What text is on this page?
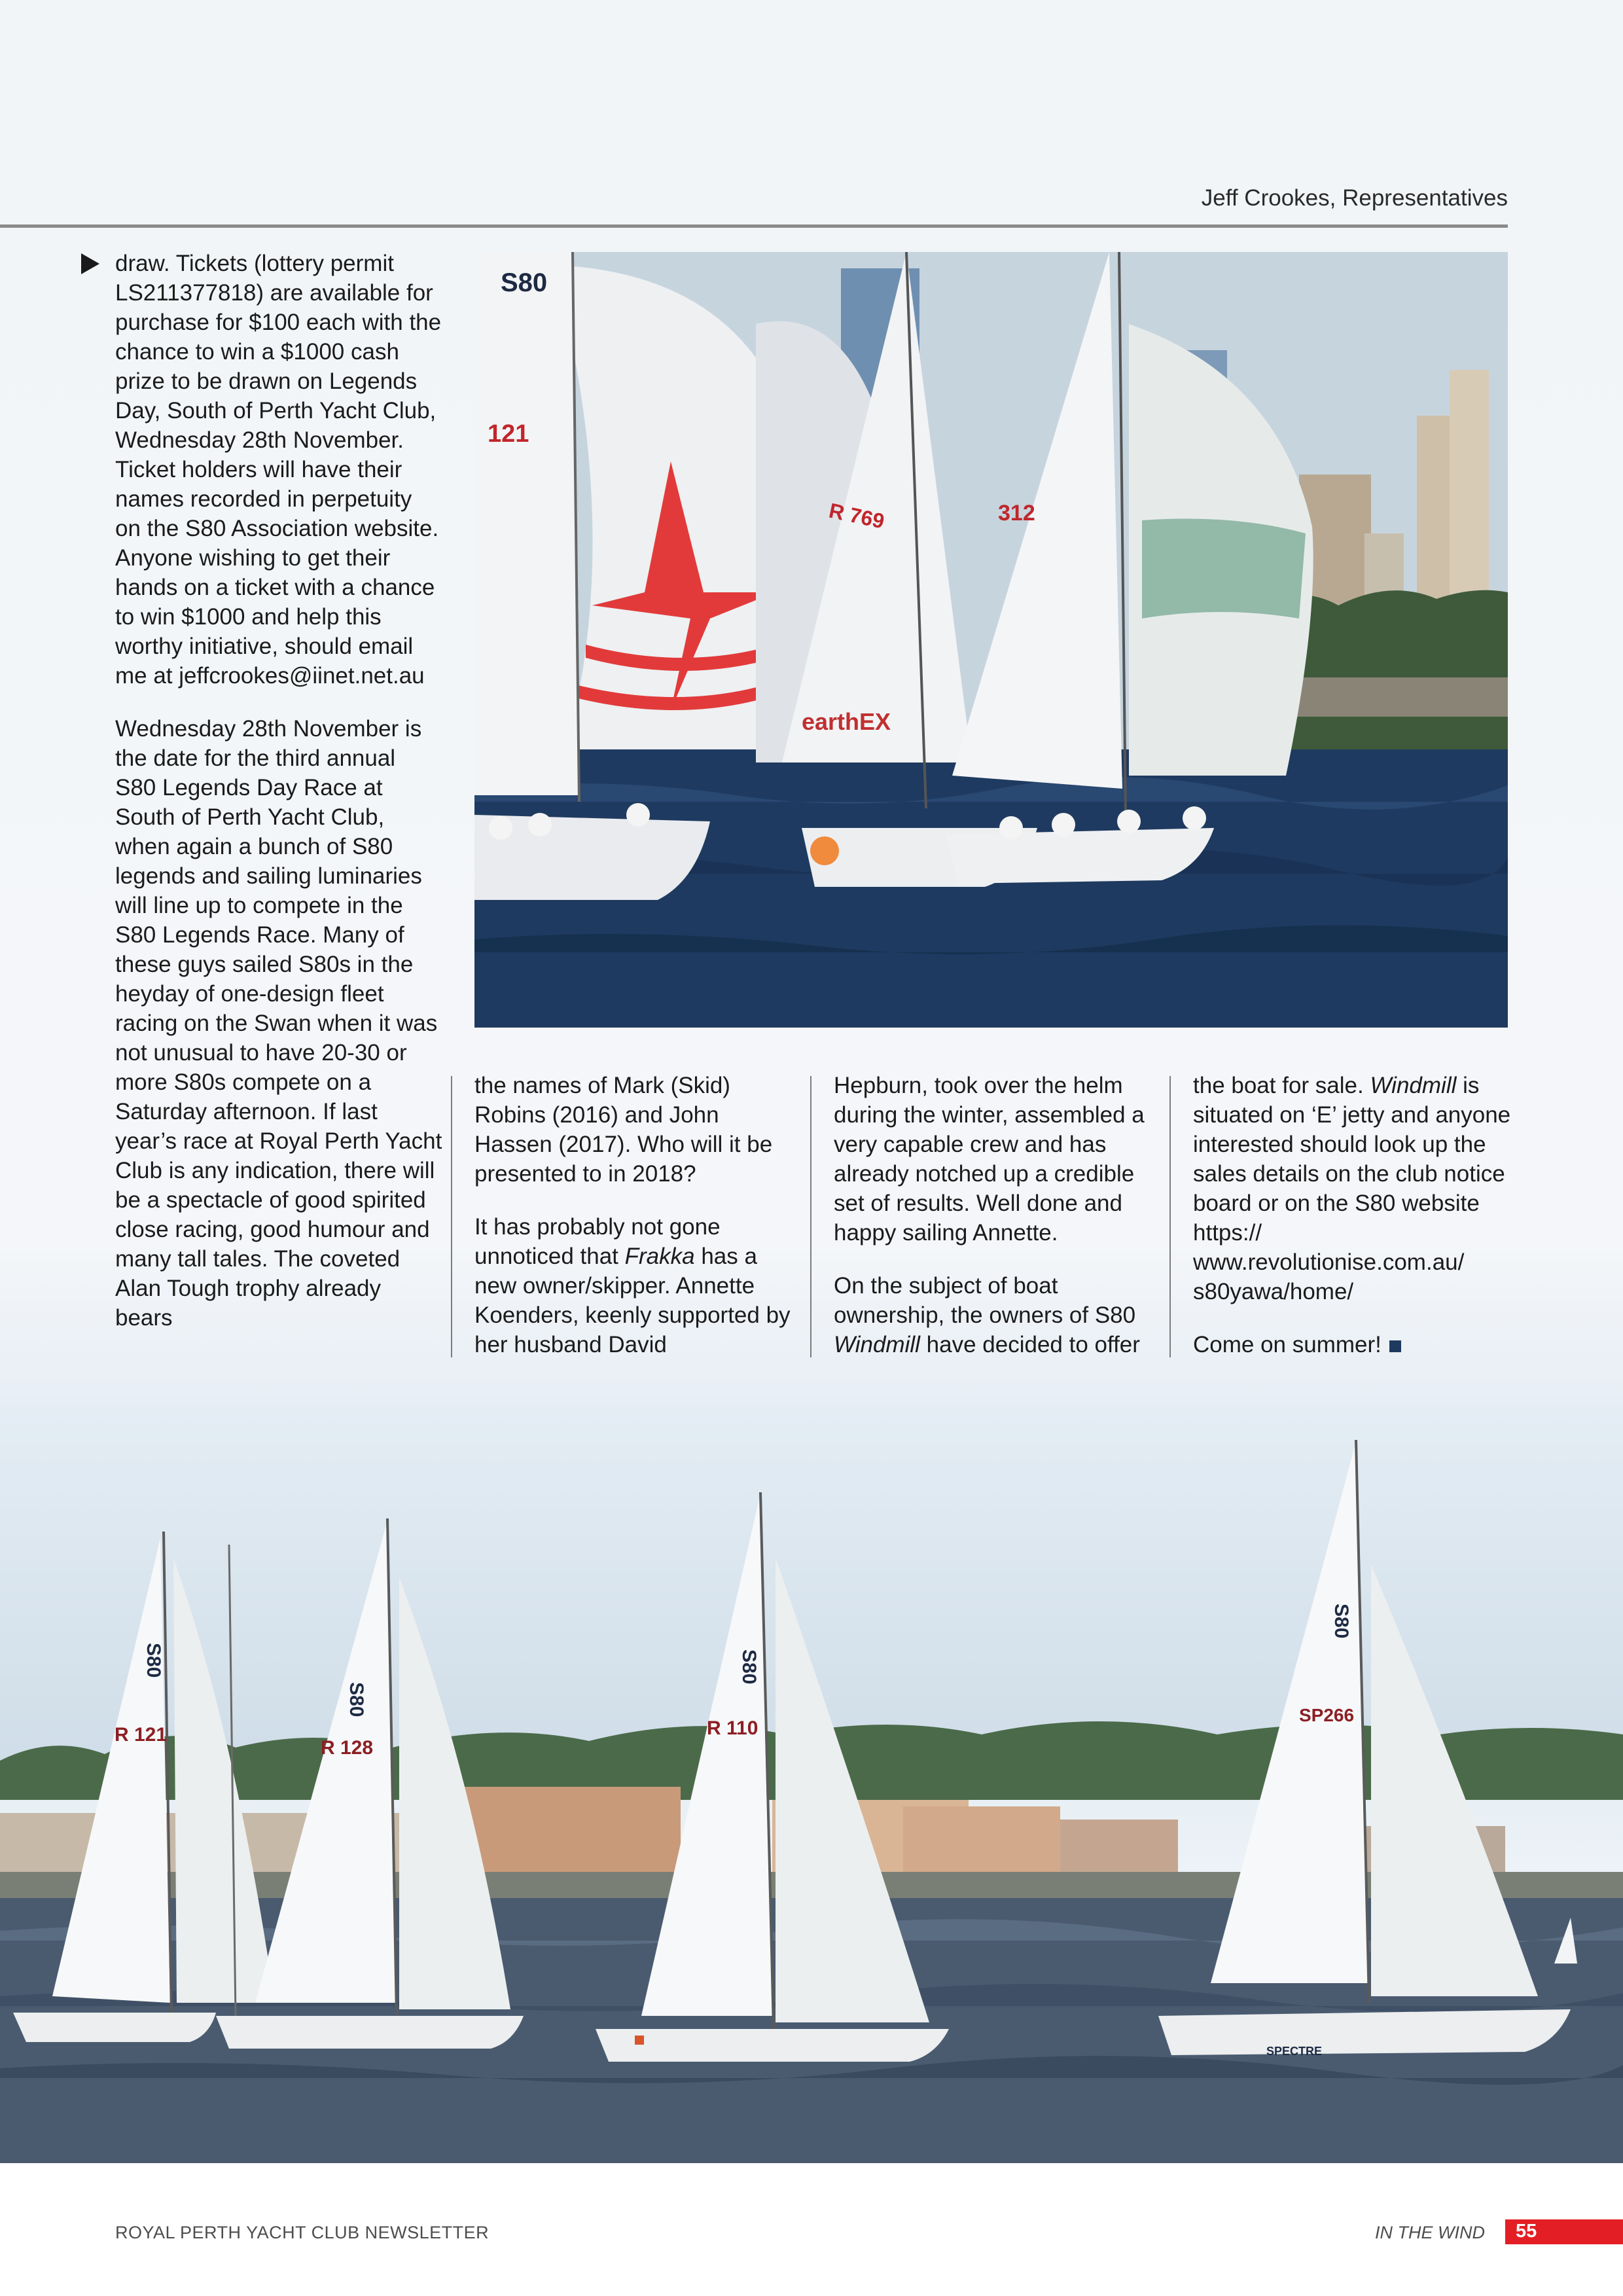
Jeff Crookes, Representatives
121
R 769	312
S80
earthEX

draw. Tickets (lottery permit LS211377818) are available for purchase for $100 each with the chance to win a $1000 cash prize to be drawn on Legends Day, South of Perth Yacht Club, Wednesday 28th November. Ticket holders will have their names recorded in perpetuity on the S80 Association website. Anyone wishing to get their hands on a ticket with a chance to win $1000 and help this worthy initiative, should email me at jeffcrookes@iinet.net.au

Wednesday 28th November is the date for the third annual S80 Legends Day Race at South of Perth Yacht Club, when again a bunch of S80 legends and sailing luminaries will line up to compete in the S80 Legends Race. Many of these guys sailed S80s in the heyday of one-design fleet racing on the Swan when it was not unusual to have 20-30 or more S80s compete on a Saturday afternoon. If last year’s race at Royal Perth Yacht Club is any indication, there will be a spectacle of good spirited close racing, good humour and many tall tales. The coveted Alan Tough trophy already bears

the names of Mark (Skid) Robins (2016) and John Hassen (2017). Who will it be presented to in 2018?

It has probably not gone unnoticed that Frakka has a new owner/skipper. Annette Koenders, keenly supported by her husband David

Hepburn, took over the helm during the winter, assembled a very capable crew and has already notched up a credible set of results. Well done and happy sailing Annette.

On the subject of boat ownership, the owners of S80 Windmill have decided to offer

the boat for sale. Windmill is situated on ‘E’ jetty and anyone interested should look up the sales details on the club notice board or on the S80 website https:// www.revolutionise.com.au/ s80yawa/home/

Come on summer!

R 121
R 128
R 110
SP266
S80
S80
S80
S80
SPECTRE
ROYAL PERTH YACHT CLUB NEWSLETTER	IN THE WIND 55
